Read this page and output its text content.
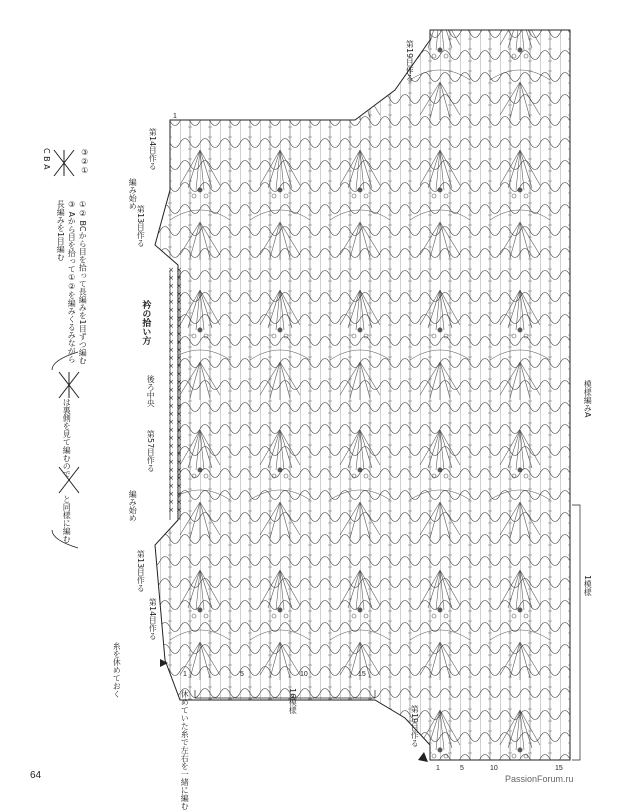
× ×
× ×
× ×
× ×
× ×
× ×
× ×
× ×
× ×
× ×
× ×
× ×
× ×
× ×
× ×
× ×
× ×
× ×
× ×
× ×
× ×
× ×
× ×
× ×
× ×
× ×
× ×
× ×
× ×
× ×
× ×
③②①
C B A
①② BCから目を拾って長編みを1目ずつ編む
③ Aから目を拾って①②を編みくるみながら
長編みを1目編む
は裏側を見て編むので、
と同様に編む
第19目作る
第14目作る
編み始め
第13目作る
衿の拾い方
後ろ中央
第57目作る
編み始め
第13目作る
第14目作る
糸を休めておく
休めていた糸で左右を一緒に編む	第19目作る
模様編みA
1模様
16模様
15
10
5
1
15
10
5
1
1
64	PassionForum.ru
